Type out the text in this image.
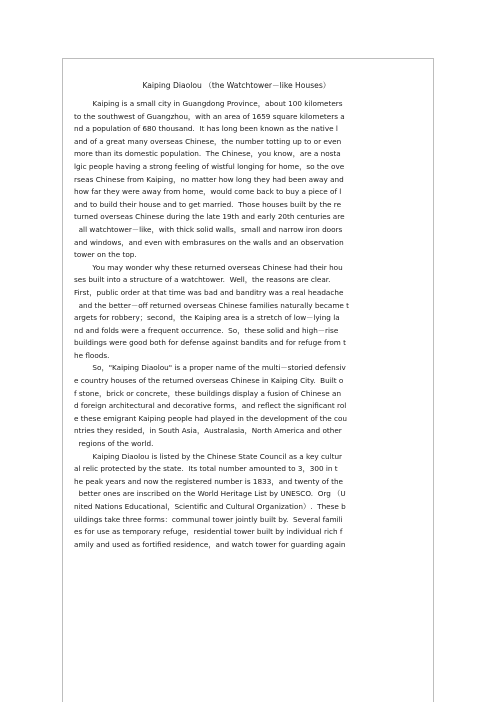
Kaiping Diaolou （the Watchtower－like Houses）

Kaiping is a small city in Guangdong Province，about 100 kilometers
to the southwest of Guangzhou，with an area of 1659 square kilometers a
nd a population of 680 thousand.  It has long been known as the native l
and of a great many overseas Chinese，the number totting up to or even
more than its domestic population.  The Chinese，you know，are a nosta
lgic people having a strong feeling of wistful longing for home，so the ove
rseas Chinese from Kaiping，no matter how long they had been away and
how far they were away from home，would come back to buy a piece of l
and to build their house and to get married.  Those houses built by the re
turned overseas Chinese during the late 19th and early 20th centuries are
all watchtower－like，with thick solid walls，small and narrow iron doors
and windows，and even with embrasures on the walls and an observation
tower on the top.
You may wonder why these returned overseas Chinese had their hou
ses built into a structure of a watchtower.  Well，the reasons are clear.
First，public order at that time was bad and banditry was a real headache
and the better－off returned overseas Chinese families naturally became t
argets for robbery；second，the Kaiping area is a stretch of low－lying la
nd and folds were a frequent occurrence.  So，these solid and high－rise
buildings were good both for defense against bandits and for refuge from t
he floods.
So，"Kaiping Diaolou" is a proper name of the multi－storied defensiv
e country houses of the returned overseas Chinese in Kaiping City.  Built o
f stone，brick or concrete，these buildings display a fusion of Chinese an
d foreign architectural and decorative forms，and reflect the significant rol
e these emigrant Kaiping people had played in the development of the cou
ntries they resided，in South Asia，Australasia，North America and other
regions of the world.
Kaiping Diaolou is listed by the Chinese State Council as a key cultur
al relic protected by the state.  Its total number amounted to 3，300 in t
he peak years and now the registered number is 1833，and twenty of the
better ones are inscribed on the World Heritage List by UNESCO.  Org （U
nited Nations Educational，Scientific and Cultural Organization）.  These b
uildings take three forms：communal tower jointly built by.  Several famili
es for use as temporary refuge，residential tower built by individual rich f
amily and used as fortified residence，and watch tower for guarding again
